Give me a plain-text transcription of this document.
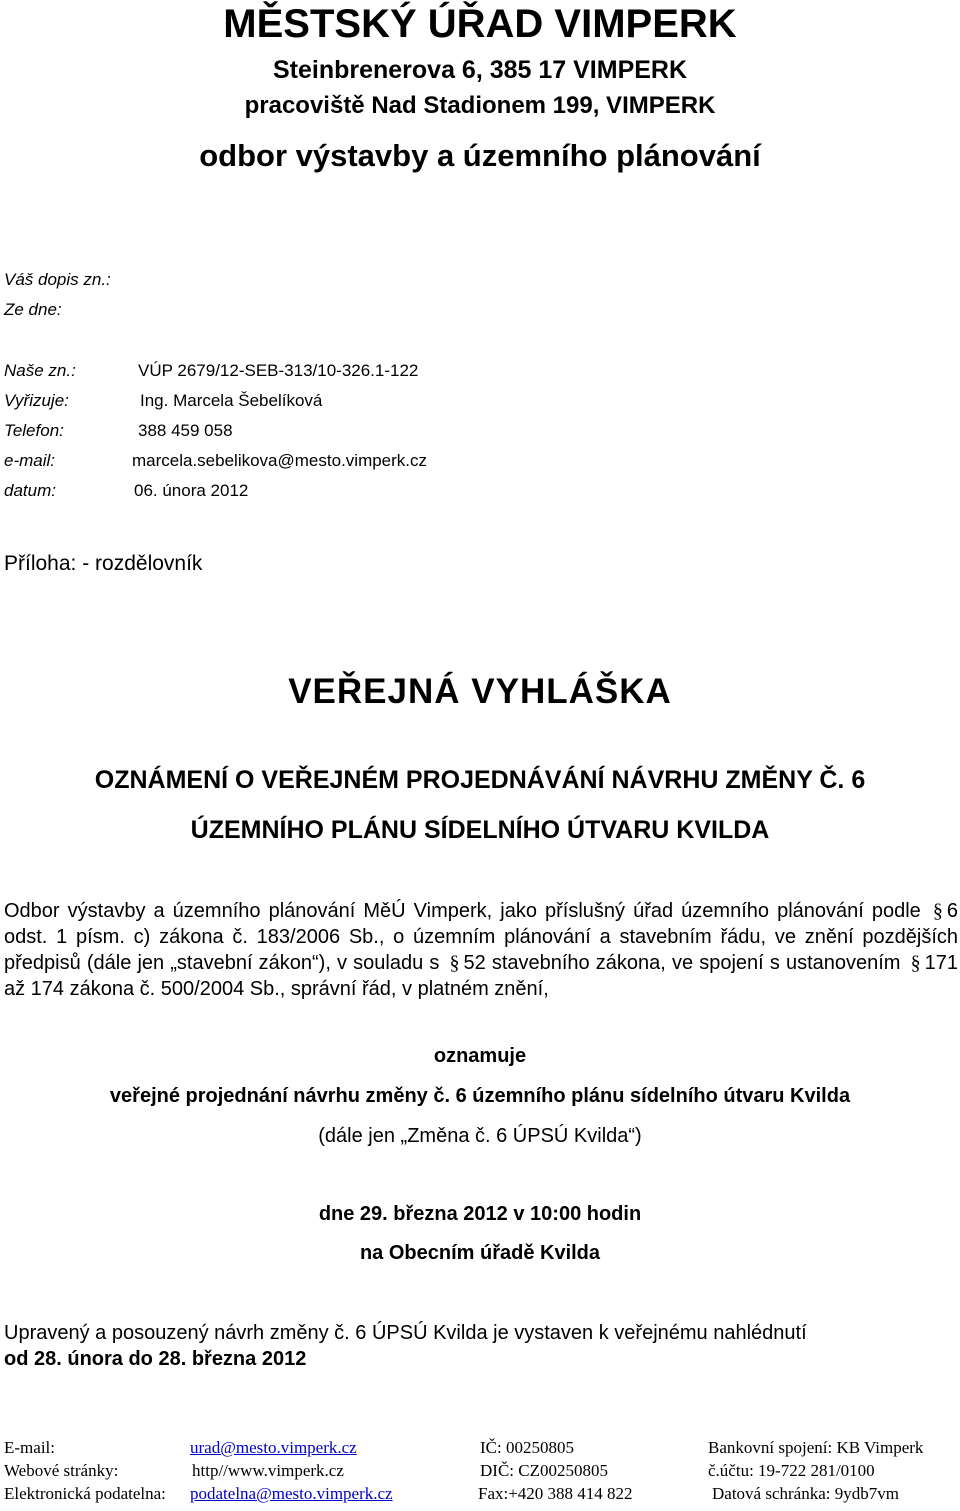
MĚSTSKÝ ÚŘAD VIMPERK
Steinbrenerova 6, 385 17 VIMPERK
pracoviště Nad Stadionem 199, VIMPERK
odbor výstavby a územního plánování
Váš dopis zn.:
Ze dne:
Naše zn.:	VÚP 2679/12-SEB-313/10-326.1-122
Vyřizuje:	Ing. Marcela Šebelíková
Telefon:	388 459 058
e-mail:	marcela.sebelikova@mesto.vimperk.cz
datum:	06. února 2012
Příloha: - rozdělovník
VEŘEJNÁ VYHLÁŠKA
OZNÁMENÍ O VEŘEJNÉM PROJEDNÁVÁNÍ NÁVRHU ZMĚNY Č. 6
ÚZEMNÍHO PLÁNU SÍDELNÍHO ÚTVARU KVILDA
Odbor výstavby a územního plánování MěÚ Vimperk, jako příslušný úřad územního plánování podle § 6 odst. 1 písm. c) zákona č. 183/2006 Sb., o územním plánování a stavebním řádu, ve znění pozdějších předpisů (dále jen „stavební zákon“), v souladu s § 52 stavebního zákona, ve spojení s ustanovením § 171 až 174 zákona č. 500/2004 Sb., správní řád, v platném znění,
oznamuje
veřejné projednání návrhu změny č. 6 územního plánu sídelního útvaru Kvilda
(dále jen „Změna č. 6 ÚPSÚ Kvilda“)
dne 29. března 2012 v 10:00 hodin
na Obecním úřadě Kvilda
Upravený a posouzený návrh změny č. 6 ÚPSÚ Kvilda je vystaven k veřejnému nahlédnutí
od 28. února do 28. března 2012
E-mail:	urad@mesto.vimperk.cz	IČ: 00250805	Bankovní spojení: KB Vimperk
Webové stránky:	http//www.vimperk.cz	DIČ: CZ00250805	č.účtu: 19-722 281/0100
Elektronická podatelna: podatelna@mesto.vimperk.cz	Fax:+420 388 414 822	Datová schránka: 9ydb7vm
